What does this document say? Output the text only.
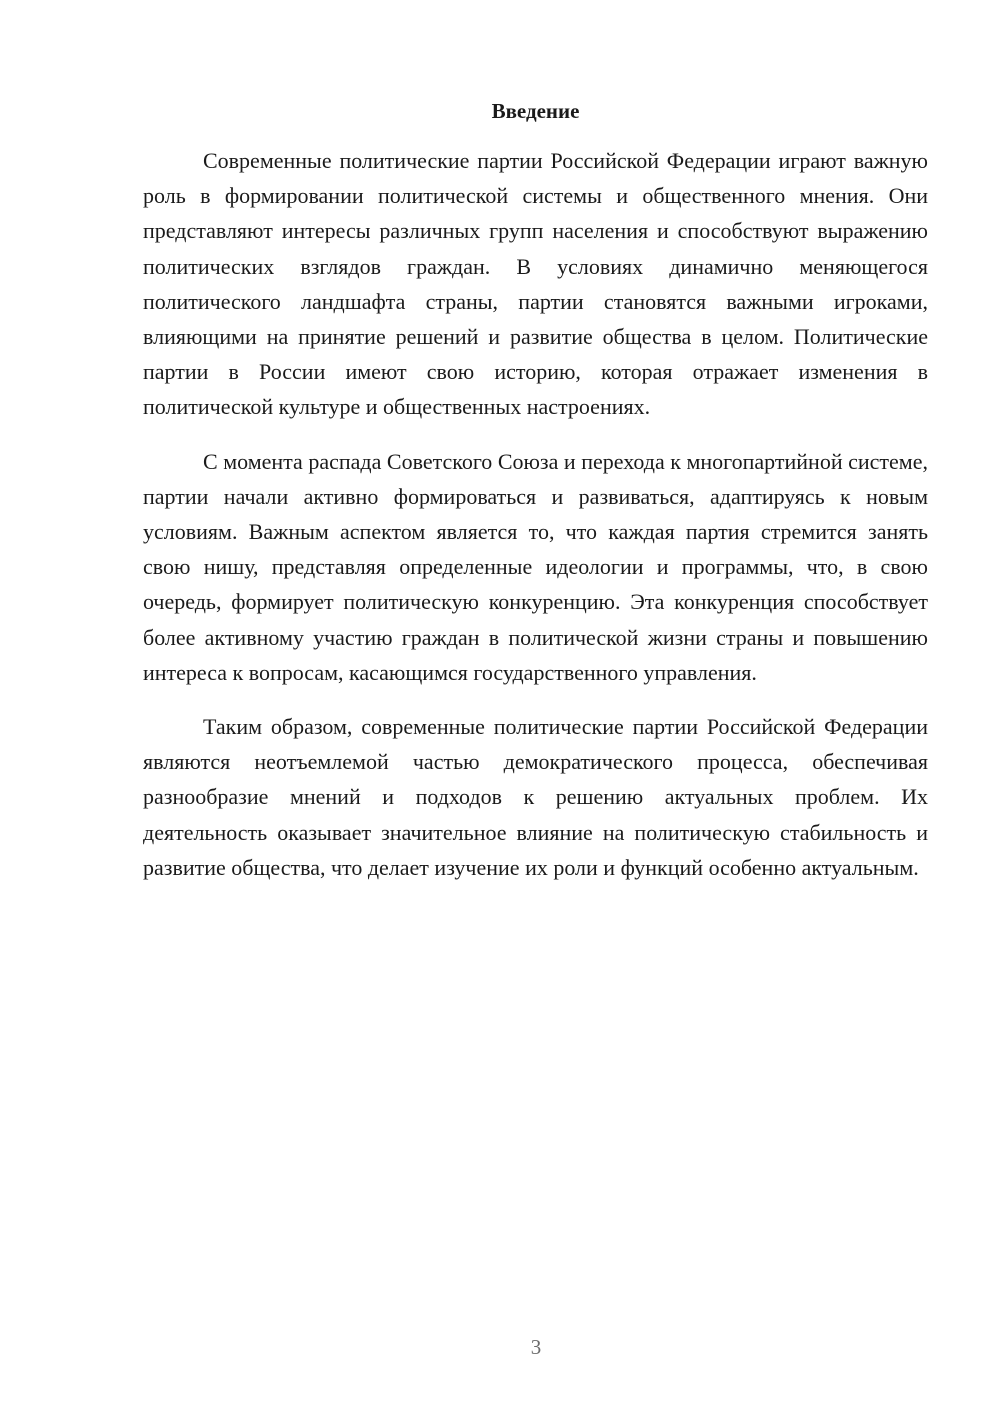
Введение

Современные политические партии Российской Федерации играют важную роль в формировании политической системы и общественного мнения. Они представляют интересы различных групп населения и способствуют выражению политических взглядов граждан. В условиях динамично меняющегося политического ландшафта страны, партии становятся важными игроками, влияющими на принятие решений и развитие общества в целом. Политические партии в России имеют свою историю, которая отражает изменения в политической культуре и общественных настроениях.

С момента распада Советского Союза и перехода к многопартийной системе, партии начали активно формироваться и развиваться, адаптируясь к новым условиям. Важным аспектом является то, что каждая партия стремится занять свою нишу, представляя определенные идеологии и программы, что, в свою очередь, формирует политическую конкуренцию. Эта конкуренция способствует более активному участию граждан в политической жизни страны и повышению интереса к вопросам, касающимся государственного управления.

Таким образом, современные политические партии Российской Федерации являются неотъемлемой частью демократического процесса, обеспечивая разнообразие мнений и подходов к решению актуальных проблем. Их деятельность оказывает значительное влияние на политическую стабильность и развитие общества, что делает изучение их роли и функций особенно актуальным.

3
